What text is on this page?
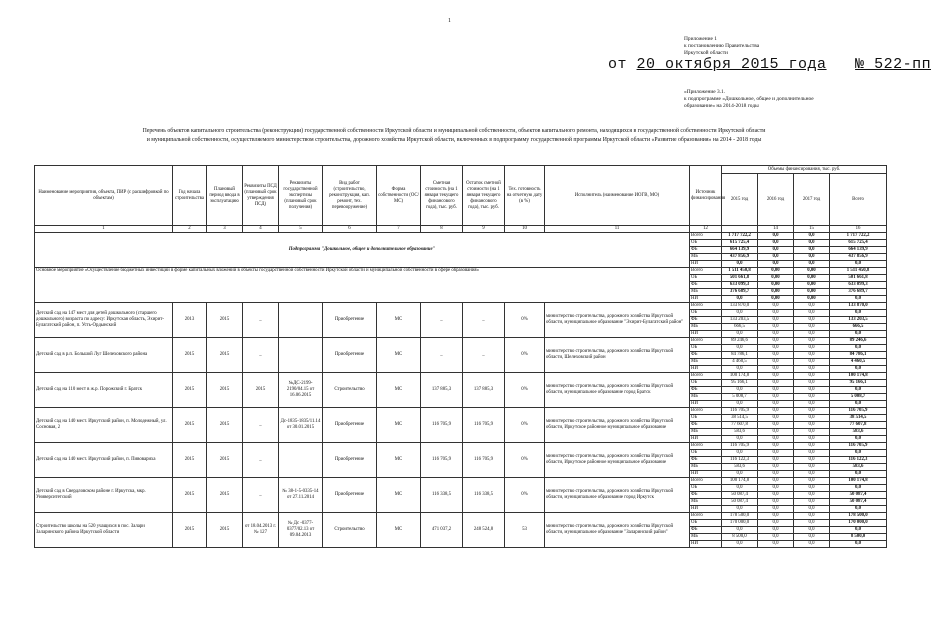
1
Приложение 1
к постановлению Правительства
Иркутской области
от 20 октября 2015 года № 522-пп
«Приложение 3.1.
к подпрограмме «Дошкольное, общее и дополнительное
образование» на 2014-2018 годы
Перечень объектов капитального строительства (реконструкции) государственной собственности Иркутской области и муниципальной собственности, объектов капитального ремонта, находящихся в государственной собственности Иркутской области
и муниципальной собственности, осуществляемого министерством строительства, дорожного хозяйства Иркутской области, включенных в подпрограмму государственной программы Иркутской области «Развитие образования» на 2014 - 2018 годы
Наименование мероприятия, объекта, ПИР (с расшифровкой по объектам)	Год начала строительства	Плановый период ввода в эксплуатацию	Реквизиты ПСД (плановый срок утверждения ПСД)	Реквизиты государственной экспертизы (плановый срок получения)	Вид работ (строительство, реконструкция, кап. ремонт, тех. перевооружение)	Форма собственности (ОС/МС)	Сметная стоимость (на 1 января текущего финансового года), тыс. руб.	Остаток сметной стоимости (на 1 января текущего финансового года), тыс. руб.	Тех. готовность на отчетную дату (в %)	Исполнитель (наименование ИОГВ, МО)	Источник финансирования	Объемы финансирования, тыс. руб.			
												2015 год	2016 год	2017 год	Всего
1	2	3	4	5	6	7	8	9	10	11	12		14	15	16
Подпрограмма "Дошкольное, общее и дополнительное образование"											Всего	1 717 722,2	0,0	0,0	1 717 722,2
											ОБ	615 725,4	0,0	0,0	615 725,4
											ФБ	664 139,9	0,0	0,0	664 139,9
											МБ	437 856,9	0,0	0,0	437 856,9
											НИ	0,0	0,0	0,0	0,0
Основное мероприятие «Осуществление бюджетных инвестиций в форме капитальных вложений в объекты государственной собственности Иркутской области и муниципальной собственности в сфере образования»											Всего	1 511 450,8	0,00	0,00	1 511 450,8
											ОБ	501 661,8	0,00	0,00	501 661,8
											ФБ	633 099,3	0,00	0,00	633 099,3
											МБ	376 689,7	0,00	0,00	376 689,7
											НИ	0,0	0,00	0,00	0,0
Детский сад на 147 мест для детей дошкольного (старшего дошкольного) возраста по адресу: Иркутская область, Эхирит-Булагатский район, п. Усть-Ордынский	2013	2015	_		Приобретение	МС	_	_	0%	министерство строительства, дорожного хозяйства Иркутской области, муниципальное образование "Эхирит-Булагатский район"	Всего	133 870,0	0,0	0,0	133 870,0
											ОБ	0,0	0,0	0,0	0,0
											ФБ	133 203,5	0,0	0,0	133 203,5
											МБ	666,5	0,0	0,0	666,5
											НИ	0,0	0,0	0,0	0,0
Детский сад в р.п. Большой Луг Шелеховского района	2015	2015	_		Приобретение	МС	_	_	0%	министерство строительства, дорожного хозяйства Иркутской области, Шелеховский район	Всего	89 246,6	0,0	0,0	89 246,6
											ОБ	0,0	0,0	0,0	0,0
											ФБ	84 786,1	0,0	0,0	84 786,1
											МБ	4 460,5	0,0	0,0	4 460,5
											НИ	0,0	0,0	0,0	0,0
Детский сад на 110 мест в ж.р. Порожский г. Братск	2015	2015	2015	№ДС-2199-2190/04.15 от 16.06.2015	Строительство	МС	137 885,3	137 885,3	0%	министерство строительства, дорожного хозяйства Иркутской области, муниципальное образование город Братск	Всего	100 174,8	0,0	0,0	100 174,8
											ОБ	95 166,1	0,0	0,0	95 166,1
											ФБ	0,0	0,0	0,0	0,0
											МБ	5 008,7	0,0	0,0	5 008,7
											НИ	0,0	0,0	0,0	0,0
Детский сад на 140 мест. Иркутский район, п. Молодежный, ул. Сосновая, 2	2015	2015	_	Дс-1835-1835/11.14 от 30.01.2015	Приобретение	МС	116 705,9	116 705,9	0%	министерство строительства, дорожного хозяйства Иркутской области, Иркутское районное муниципальное образование	Всего	116 705,9	0,0	0,0	116 705,9
											ОБ	38 514,5	0,0	0,0	38 514,5
											ФБ	77 607,8	0,0	0,0	77 607,8
											МБ	583,6	0,0	0,0	583,6
											НИ	0,0	0,0	0,0	0,0
Детский сад на 140 мест. Иркутский район, п. Пивовариха	2015	2015	_		Приобретение	МС	116 705,9	116 705,9	0%	министерство строительства, дорожного хозяйства Иркутской области, Иркутское районное муниципальное образование	Всего	116 705,9	0,0	0,0	116 705,9
											ОБ	0,0	0,0	0,0	0,0
											ФБ	116 122,3	0,0	0,0	116 122,3
											МБ	583,6	0,0	0,0	583,6
											НИ	0,0	0,0	0,0	0,0
Детский сад в Свердловском районе г. Иркутска, мкр. Университетский	2015	2015	_	№ 38-1-5-0335-14 от 27.11.2014	Приобретение	МС	116 338,5	116 338,5	0%	министерство строительства, дорожного хозяйства Иркутской области, муниципальное образование город Иркутск	Всего	100 174,8	0,0	0,0	100 174,8
											ОБ	0,0	0,0	0,0	0,0
											ФБ	50 087,4	0,0	0,0	50 087,4
											МБ	50 087,4	0,0	0,0	50 087,4
											НИ	0,0	0,0	0,0	0,0
Строительство школы на 520 учащихся в пос. Залари Заларинского района Иркутской области	2015	2015	от 18.04.2013 г. № 127	№ Дс -0377-0377/02.13 от 09.04.2013	Строительство	МС	471 037,2	248 524,8	53	министерство строительства, дорожного хозяйства Иркутской области, муниципальное образование "Заларинский район"	Всего	178 500,0	0,0	0,0	178 500,0
											ОБ	170 000,0	0,0	0,0	170 000,0
											ФБ	0,0	0,0	0,0	0,0
											МБ	8 500,0	0,0	0,0	8 500,0
											НИ	0,0	0,0	0,0	0,0
